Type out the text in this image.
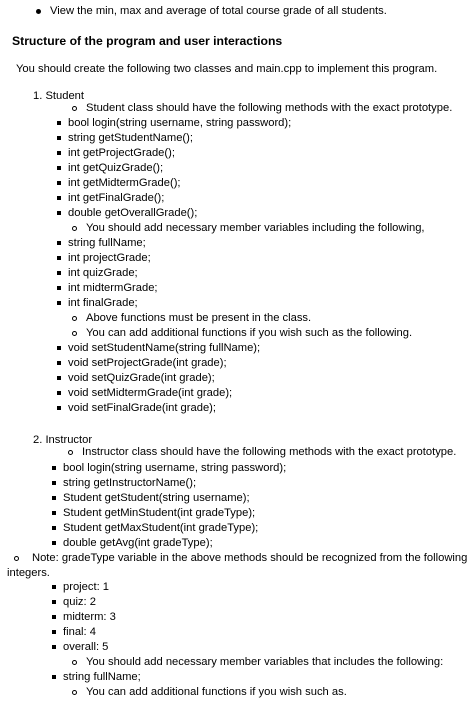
View the min, max and average of total course grade of all students.
Structure of the program and user interactions
You should create the following two classes and main.cpp to implement this program.
1. Student
Student class should have the following methods with the exact prototype.
bool login(string username, string password);
string getStudentName();
int getProjectGrade();
int getQuizGrade();
int getMidtermGrade();
int getFinalGrade();
double getOverallGrade();
You should add necessary member variables including the following,
string fullName;
int projectGrade;
int quizGrade;
int midtermGrade;
int finalGrade;
Above functions must be present in the class.
You can add additional functions if you wish such as the following.
void setStudentName(string fullName);
void setProjectGrade(int grade);
void setQuizGrade(int grade);
void setMidtermGrade(int grade);
void setFinalGrade(int grade);
2. Instructor
Instructor class should have the following methods with the exact prototype.
bool login(string username, string password);
string getInstructorName();
Student getStudent(string username);
Student getMinStudent(int gradeType);
Student getMaxStudent(int gradeType);
double getAvg(int gradeType);
Note: gradeType variable in the above methods should be recognized from the following
integers.
project: 1
quiz: 2
midterm: 3
final: 4
overall: 5
You should add necessary member variables that includes the following:
string fullName;
You can add additional functions if you wish such as.
